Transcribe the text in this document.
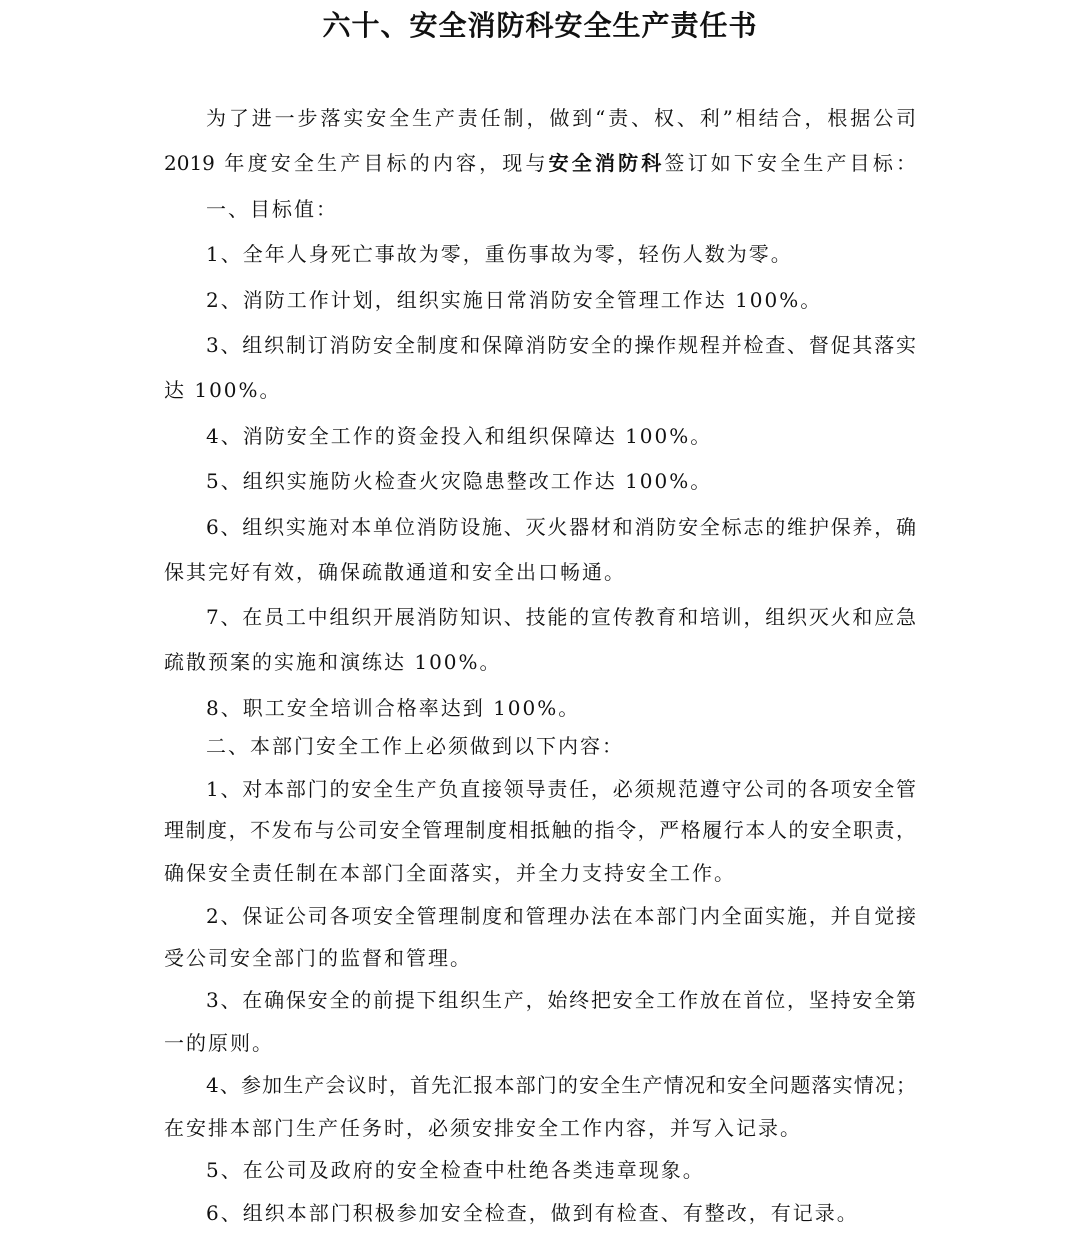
六十、安全消防科安全生产责任书
为了进一步落实安全生产责任制，做到“责、权、利”相结合，根据公司
2019 年度安全生产目标的内容，现与安全消防科签订如下安全生产目标：
一、目标值：
1、全年人身死亡事故为零，重伤事故为零，轻伤人数为零。
2、消防工作计划，组织实施日常消防安全管理工作达 100%。
3、组织制订消防安全制度和保障消防安全的操作规程并检查、督促其落实
达 100%。
4、消防安全工作的资金投入和组织保障达 100%。
5、组织实施防火检查火灾隐患整改工作达 100%。
6、组织实施对本单位消防设施、灭火器材和消防安全标志的维护保养，确
保其完好有效，确保疏散通道和安全出口畅通。
7、在员工中组织开展消防知识、技能的宣传教育和培训，组织灭火和应急
疏散预案的实施和演练达 100%。
8、职工安全培训合格率达到 100%。
二、本部门安全工作上必须做到以下内容：
1、对本部门的安全生产负直接领导责任，必须规范遵守公司的各项安全管
理制度，不发布与公司安全管理制度相抵触的指令，严格履行本人的安全职责，
确保安全责任制在本部门全面落实，并全力支持安全工作。
2、保证公司各项安全管理制度和管理办法在本部门内全面实施，并自觉接
受公司安全部门的监督和管理。
3、在确保安全的前提下组织生产，始终把安全工作放在首位，坚持安全第
一的原则。
4、参加生产会议时，首先汇报本部门的安全生产情况和安全问题落实情况；
在安排本部门生产任务时，必须安排安全工作内容，并写入记录。
5、在公司及政府的安全检查中杜绝各类违章现象。
6、组织本部门积极参加安全检查，做到有检查、有整改，有记录。
